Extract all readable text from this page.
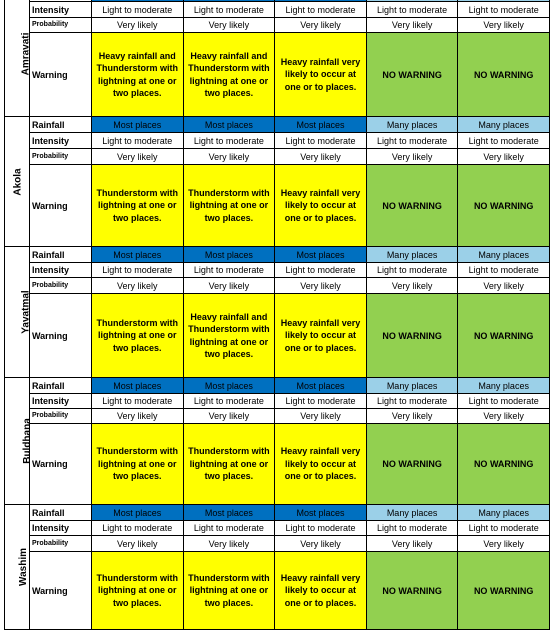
Amravati						
	Intensity	Light to moderate	Light to moderate	Light to moderate	Light to moderate	Light to moderate
	Probability	Very likely	Very likely	Very likely	Very likely	Very likely
	Warning	Heavy rainfall and Thunderstorm with lightning at one or two places.	Heavy rainfall and Thunderstorm with lightning at one or two places.	Heavy rainfall very likely to occur at one or to places.	NO WARNING	NO WARNING
Akola	Rainfall	Most places	Most places	Most places	Many places	Many places
	Intensity	Light to moderate	Light to moderate	Light to moderate	Light to moderate	Light to moderate
	Probability	Very likely	Very likely	Very likely	Very likely	Very likely
	Warning	Thunderstorm with lightning at one or two places.	Thunderstorm with lightning at one or two places.	Heavy rainfall very likely to occur at one or to places.	NO WARNING	NO WARNING
Yavatmal	Rainfall	Most places	Most places	Most places	Many places	Many places
	Intensity	Light to moderate	Light to moderate	Light to moderate	Light to moderate	Light to moderate
	Probability	Very likely	Very likely	Very likely	Very likely	Very likely
	Warning	Thunderstorm with lightning at one or two places.	Heavy rainfall and Thunderstorm with lightning at one or two places.	Heavy rainfall very likely to occur at one or to places.	NO WARNING	NO WARNING
Buldhana	Rainfall	Most places	Most places	Most places	Many places	Many places
	Intensity	Light to moderate	Light to moderate	Light to moderate	Light to moderate	Light to moderate
	Probability	Very likely	Very likely	Very likely	Very likely	Very likely
	Warning	Thunderstorm with lightning at one or two places.	Thunderstorm with lightning at one or two places.	Heavy rainfall very likely to occur at one or to places.	NO WARNING	NO WARNING
Washim	Rainfall	Most places	Most places	Most places	Many places	Many places
	Intensity	Light to moderate	Light to moderate	Light to moderate	Light to moderate	Light to moderate
	Probability	Very likely	Very likely	Very likely	Very likely	Very likely
	Warning	Thunderstorm with lightning at one or two places.	Thunderstorm with lightning at one or two places.	Heavy rainfall very likely to occur at one or to places.	NO WARNING	NO WARNING
